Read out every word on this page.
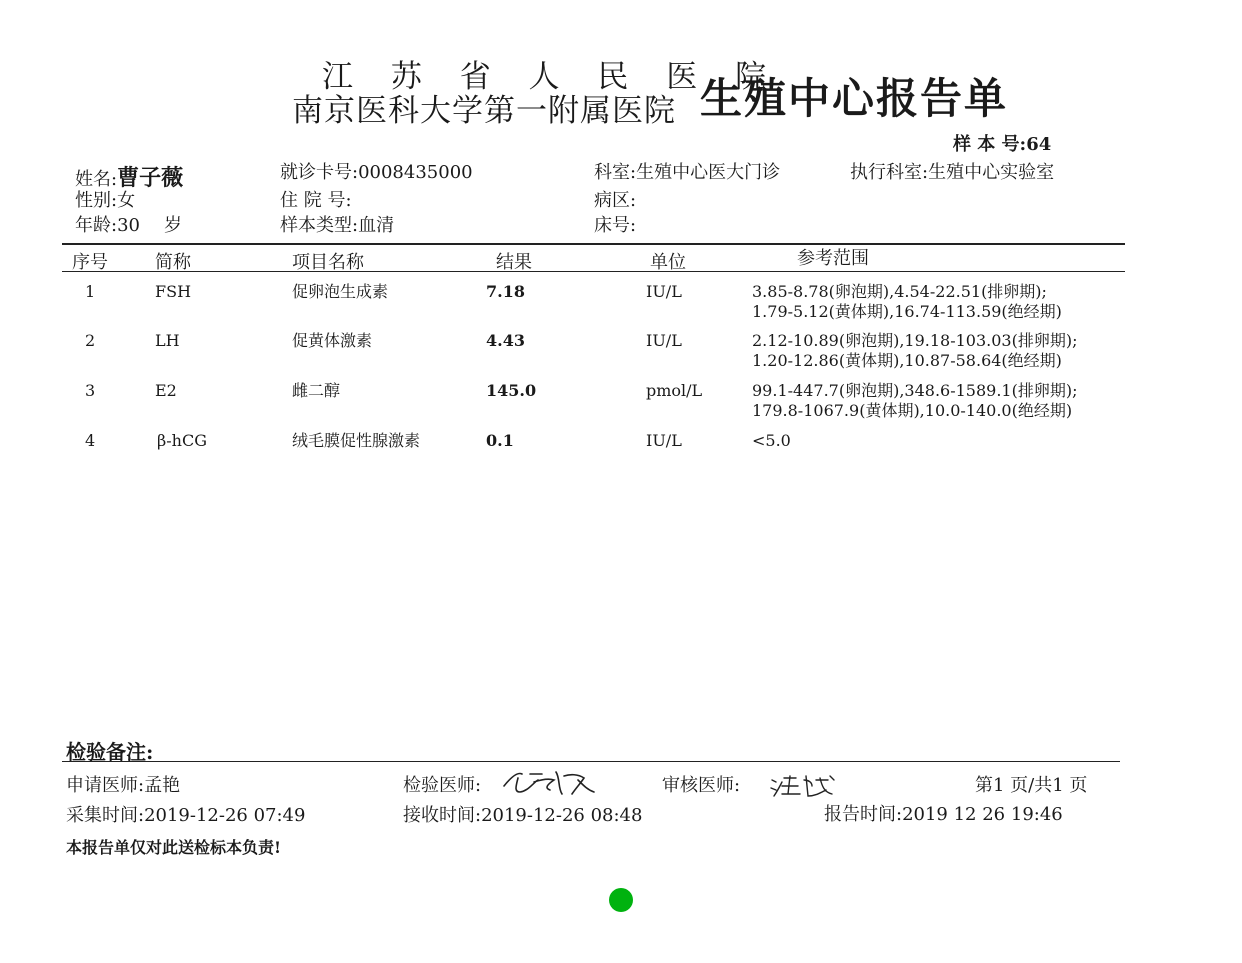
江 苏 省 人 民 医 院
南京医科大学第一附属医院 生殖中心报告单
样 本 号:64
姓名:曹子薇
性别:女
年龄:30 岁
就诊卡号:0008435000
住 院 号:
样本类型:血清
科室:生殖中心医大门诊
病区:
床号:
执行科室:生殖中心实验室
序号	简称	项目名称	结果	单位	参考范围
1	FSH	促卵泡生成素	7.18	IU/L	3.85-8.78(卵泡期),4.54-22.51(排卵期);
1.79-5.12(黄体期),16.74-113.59(绝经期)
2	LH	促黄体激素	4.43	IU/L	2.12-10.89(卵泡期),19.18-103.03(排卵期);
1.20-12.86(黄体期),10.87-58.64(绝经期)
3	E2	雌二醇	145.0	pmol/L	99.1-447.7(卵泡期),348.6-1589.1(排卵期);
179.8-1067.9(黄体期),10.0-140.0(绝经期)
4	β-hCG	绒毛膜促性腺激素	0.1	IU/L	<5.0
检验备注:
申请医师:孟艳	检验医师:	审核医师:	第1 页/共1 页
采集时间:2019-12-26 07:49	接收时间:2019-12-26 08:48	报告时间:2019 12 26 19:46
本报告单仅对此送检标本负责!
